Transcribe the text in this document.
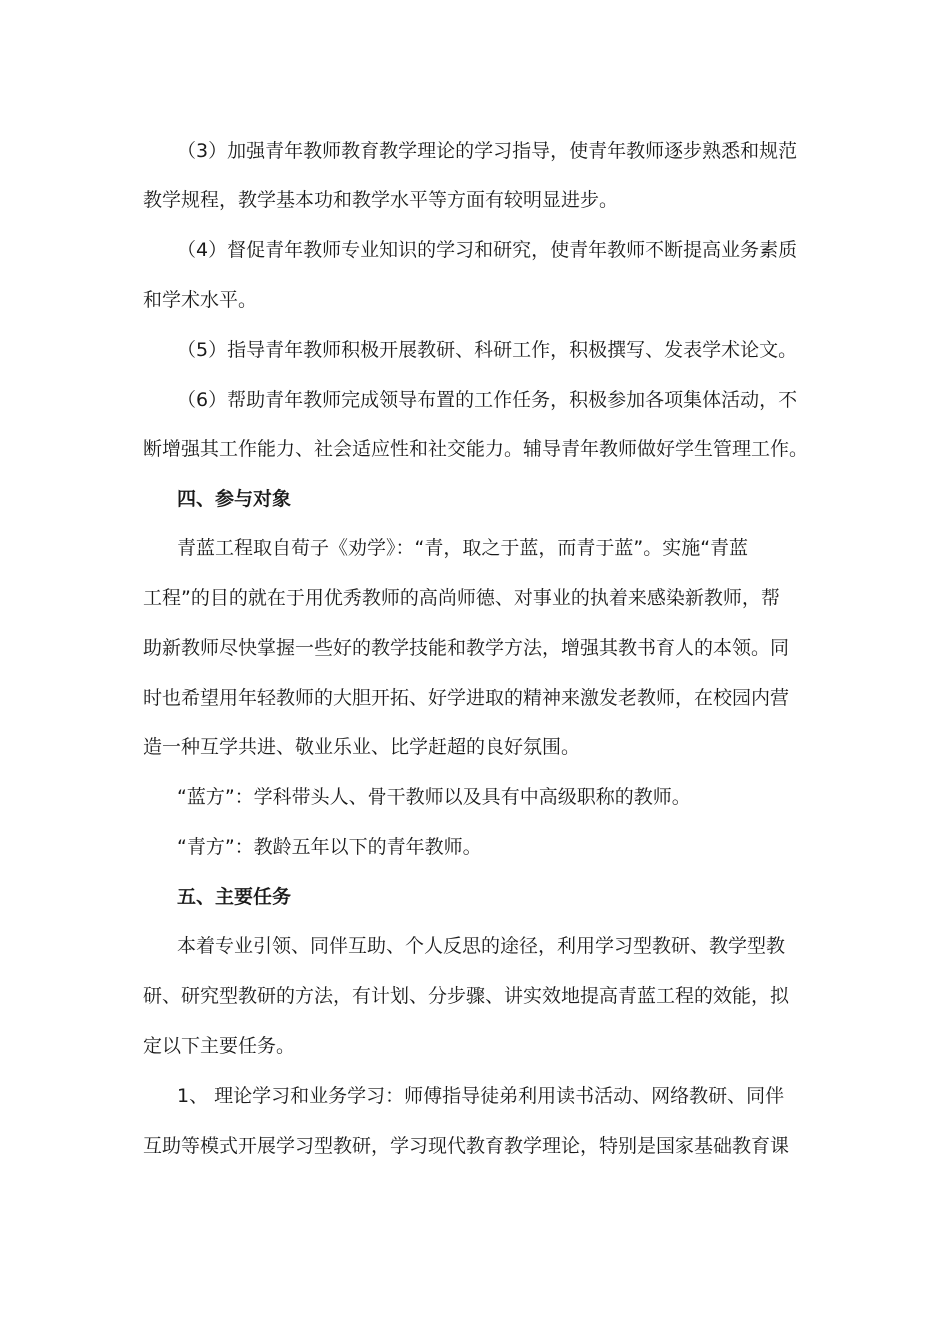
（3）加强青年教师教育教学理论的学习指导，使青年教师逐步熟悉和规范
教学规程，教学基本功和教学水平等方面有较明显进步。
（4）督促青年教师专业知识的学习和研究，使青年教师不断提高业务素质
和学术水平。
（5）指导青年教师积极开展教研、科研工作，积极撰写、发表学术论文。
（6）帮助青年教师完成领导布置的工作任务，积极参加各项集体活动，不
断增强其工作能力、社会适应性和社交能力。辅导青年教师做好学生管理工作。
四、参与对象
青蓝工程取自荀子《劝学》：“青，取之于蓝，而青于蓝”。实施“青蓝
工程”的目的就在于用优秀教师的高尚师德、对事业的执着来感染新教师，帮
助新教师尽快掌握一些好的教学技能和教学方法，增强其教书育人的本领。同
时也希望用年轻教师的大胆开拓、好学进取的精神来激发老教师，在校园内营
造一种互学共进、敬业乐业、比学赶超的良好氛围。
“蓝方”：学科带头人、骨干教师以及具有中高级职称的教师。
“青方”：教龄五年以下的青年教师。
五、主要任务
本着专业引领、同伴互助、个人反思的途径，利用学习型教研、教学型教
研、研究型教研的方法，有计划、分步骤、讲实效地提高青蓝工程的效能，拟
定以下主要任务。
1、 理论学习和业务学习：师傅指导徒弟利用读书活动、网络教研、同伴
互助等模式开展学习型教研，学习现代教育教学理论，特别是国家基础教育课
